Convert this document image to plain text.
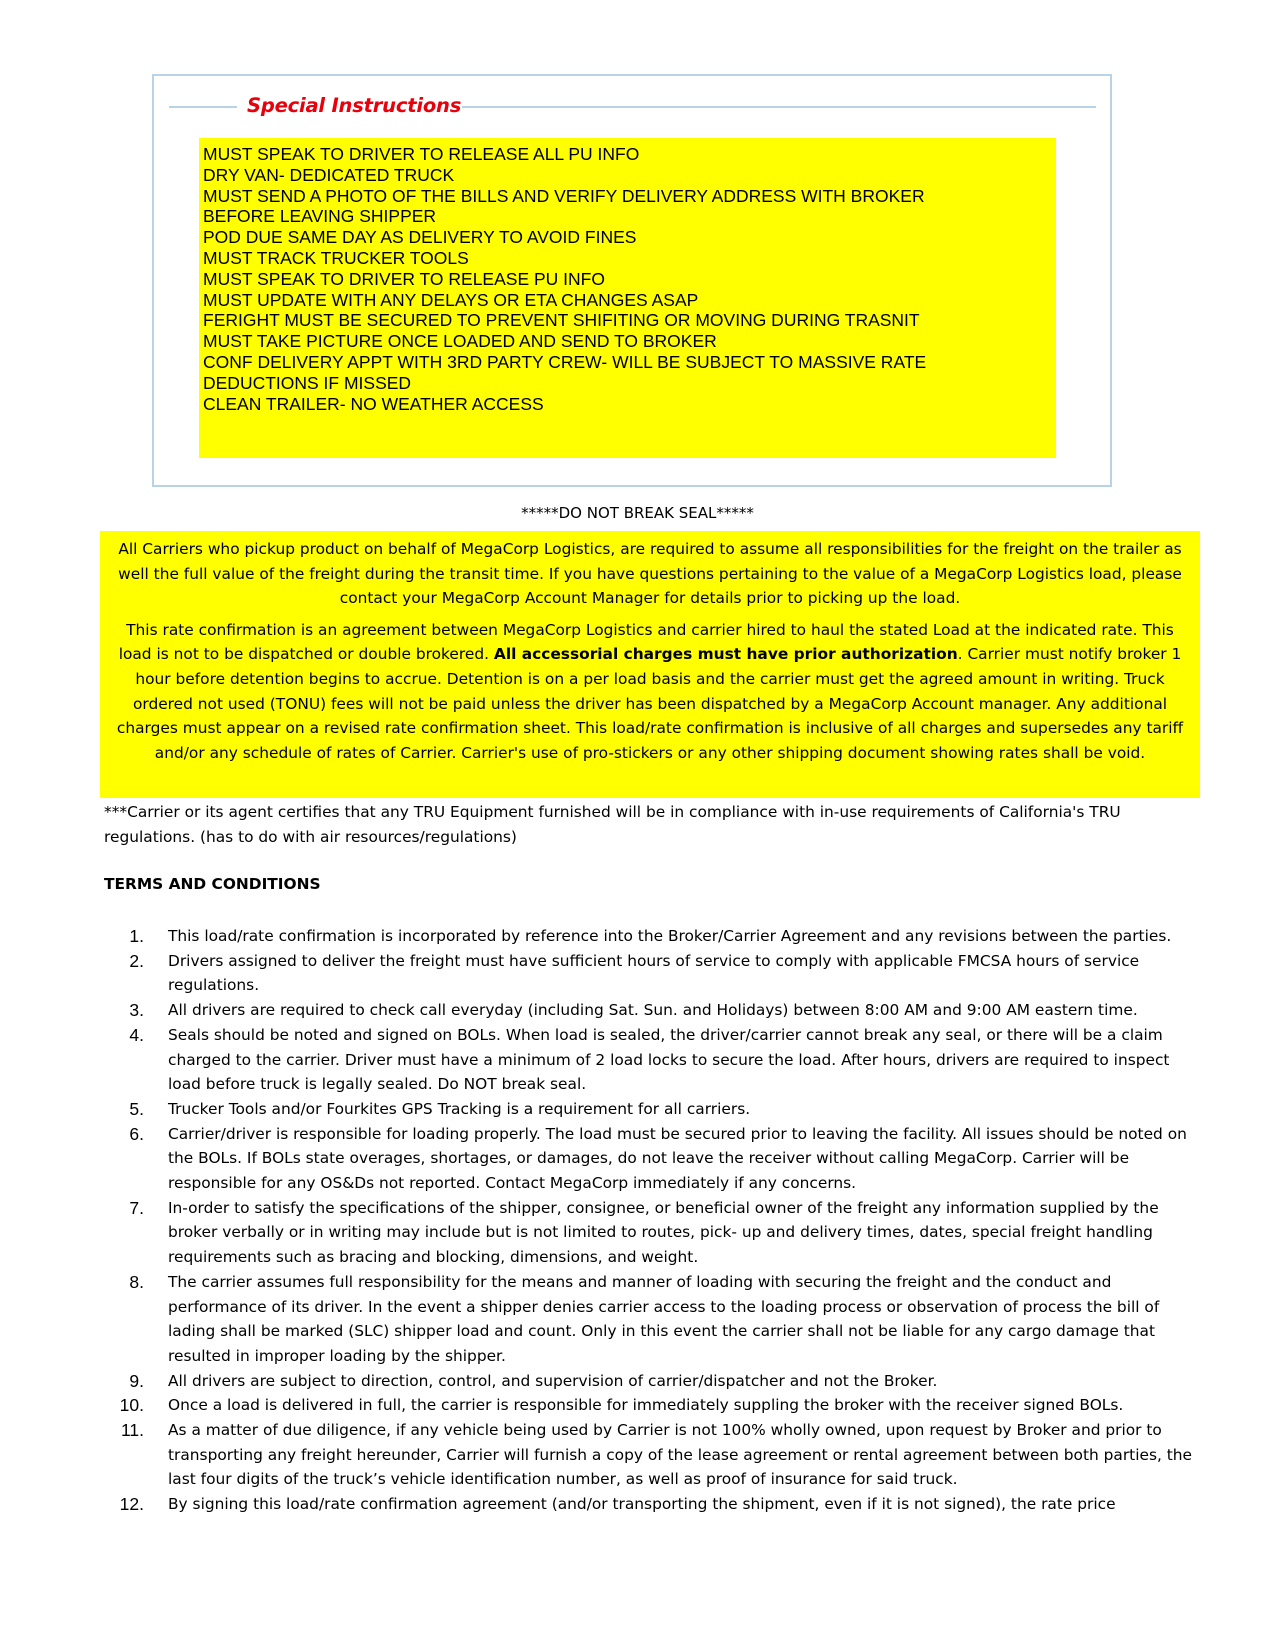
Special Instructions
MUST SPEAK TO DRIVER TO RELEASE ALL PU INFO
DRY VAN- DEDICATED TRUCK
MUST SEND A PHOTO OF THE BILLS AND VERIFY DELIVERY ADDRESS WITH BROKER
BEFORE LEAVING SHIPPER
POD DUE SAME DAY AS DELIVERY TO AVOID FINES
MUST TRACK TRUCKER TOOLS
MUST SPEAK TO DRIVER TO RELEASE PU INFO
MUST UPDATE WITH ANY DELAYS OR ETA CHANGES ASAP
FERIGHT MUST BE SECURED TO PREVENT SHIFITING OR MOVING DURING TRASNIT
MUST TAKE PICTURE ONCE LOADED AND SEND TO BROKER
CONF DELIVERY APPT WITH 3RD PARTY CREW- WILL BE SUBJECT TO MASSIVE RATE
DEDUCTIONS IF MISSED
CLEAN TRAILER- NO WEATHER ACCESS
*****DO NOT BREAK SEAL*****

All Carriers who pickup product on behalf of MegaCorp Logistics, are required to assume all responsibilities for the freight on the trailer as well the full value of the freight during the transit time. If you have questions pertaining to the value of a MegaCorp Logistics load, please contact your MegaCorp Account Manager for details prior to picking up the load.

This rate confirmation is an agreement between MegaCorp Logistics and carrier hired to haul the stated Load at the indicated rate. This load is not to be dispatched or double brokered. All accessorial charges must have prior authorization. Carrier must notify broker 1 hour before detention begins to accrue. Detention is on a per load basis and the carrier must get the agreed amount in writing. Truck ordered not used (TONU) fees will not be paid unless the driver has been dispatched by a MegaCorp Account manager. Any additional charges must appear on a revised rate confirmation sheet. This load/rate confirmation is inclusive of all charges and supersedes any tariff and/or any schedule of rates of Carrier. Carrier's use of pro-stickers or any other shipping document showing rates shall be void.

***Carrier or its agent certifies that any TRU Equipment furnished will be in compliance with in-use requirements of California's TRU regulations. (has to do with air resources/regulations)
TERMS AND CONDITIONS
1. This load/rate confirmation is incorporated by reference into the Broker/Carrier Agreement and any revisions between the parties.
2. Drivers assigned to deliver the freight must have sufficient hours of service to comply with applicable FMCSA hours of service regulations.
3. All drivers are required to check call everyday (including Sat. Sun. and Holidays) between 8:00 AM and 9:00 AM eastern time.
4. Seals should be noted and signed on BOLs. When load is sealed, the driver/carrier cannot break any seal, or there will be a claim charged to the carrier. Driver must have a minimum of 2 load locks to secure the load. After hours, drivers are required to inspect load before truck is legally sealed. Do NOT break seal.
5. Trucker Tools and/or Fourkites GPS Tracking is a requirement for all carriers.
6. Carrier/driver is responsible for loading properly. The load must be secured prior to leaving the facility. All issues should be noted on the BOLs. If BOLs state overages, shortages, or damages, do not leave the receiver without calling MegaCorp. Carrier will be responsible for any OS&Ds not reported. Contact MegaCorp immediately if any concerns.
7. In-order to satisfy the specifications of the shipper, consignee, or beneficial owner of the freight any information supplied by the broker verbally or in writing may include but is not limited to routes, pick- up and delivery times, dates, special freight handling requirements such as bracing and blocking, dimensions, and weight.
8. The carrier assumes full responsibility for the means and manner of loading with securing the freight and the conduct and performance of its driver. In the event a shipper denies carrier access to the loading process or observation of process the bill of lading shall be marked (SLC) shipper load and count. Only in this event the carrier shall not be liable for any cargo damage that resulted in improper loading by the shipper.
9. All drivers are subject to direction, control, and supervision of carrier/dispatcher and not the Broker.
10. Once a load is delivered in full, the carrier is responsible for immediately suppling the broker with the receiver signed BOLs.
11. As a matter of due diligence, if any vehicle being used by Carrier is not 100% wholly owned, upon request by Broker and prior to transporting any freight hereunder, Carrier will furnish a copy of the lease agreement or rental agreement between both parties, the last four digits of the truck’s vehicle identification number, as well as proof of insurance for said truck.
12. By signing this load/rate confirmation agreement (and/or transporting the shipment, even if it is not signed), the rate price
